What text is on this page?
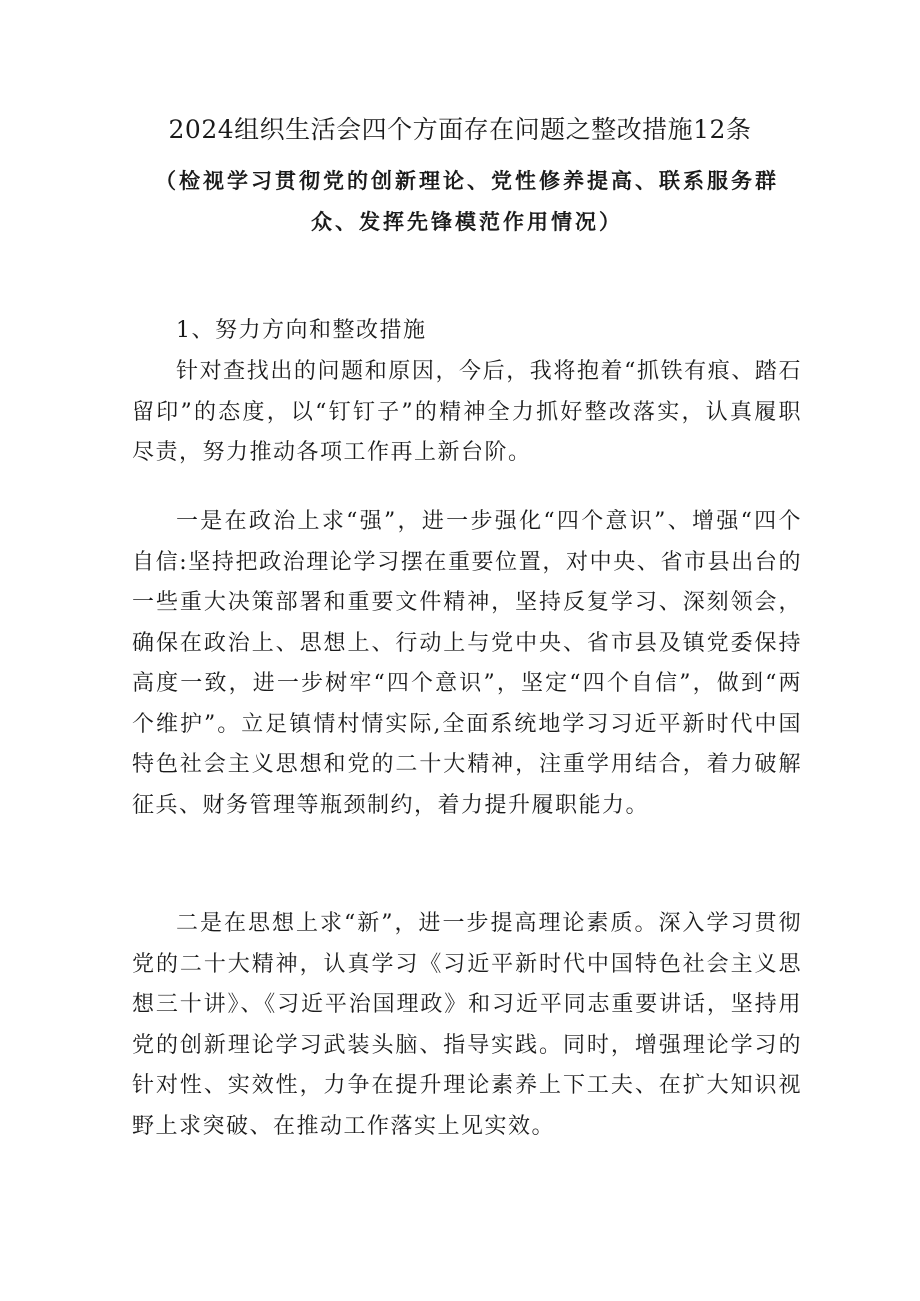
2024组织生活会四个方面存在问题之整改措施12条
（检视学习贯彻党的创新理论、党性修养提高、联系服务群众、发挥先锋模范作用情况）
1、努力方向和整改措施
针对查找出的问题和原因，今后，我将抱着“抓铁有痕、踏石留印”的态度，以“钉钉子”的精神全力抓好整改落实，认真履职尽责，努力推动各项工作再上新台阶。
一是在政治上求“强”，进一步强化“四个意识”、增强“四个自信:坚持把政治理论学习摆在重要位置，对中央、省市县出台的一些重大决策部署和重要文件精神，坚持反复学习、深刻领会，确保在政治上、思想上、行动上与党中央、省市县及镇党委保持高度一致，进一步树牢“四个意识”，坚定“四个自信”，做到“两个维护”。立足镇情村情实际,全面系统地学习习近平新时代中国特色社会主义思想和党的二十大精神，注重学用结合，着力破解征兵、财务管理等瓶颈制约，着力提升履职能力。
二是在思想上求“新”，进一步提高理论素质。深入学习贯彻党的二十大精神，认真学习《习近平新时代中国特色社会主义思想三十讲》、《习近平治国理政》和习近平同志重要讲话，坚持用党的创新理论学习武装头脑、指导实践。同时，增强理论学习的针对性、实效性，力争在提升理论素养上下工夫、在扩大知识视野上求突破、在推动工作落实上见实效。
